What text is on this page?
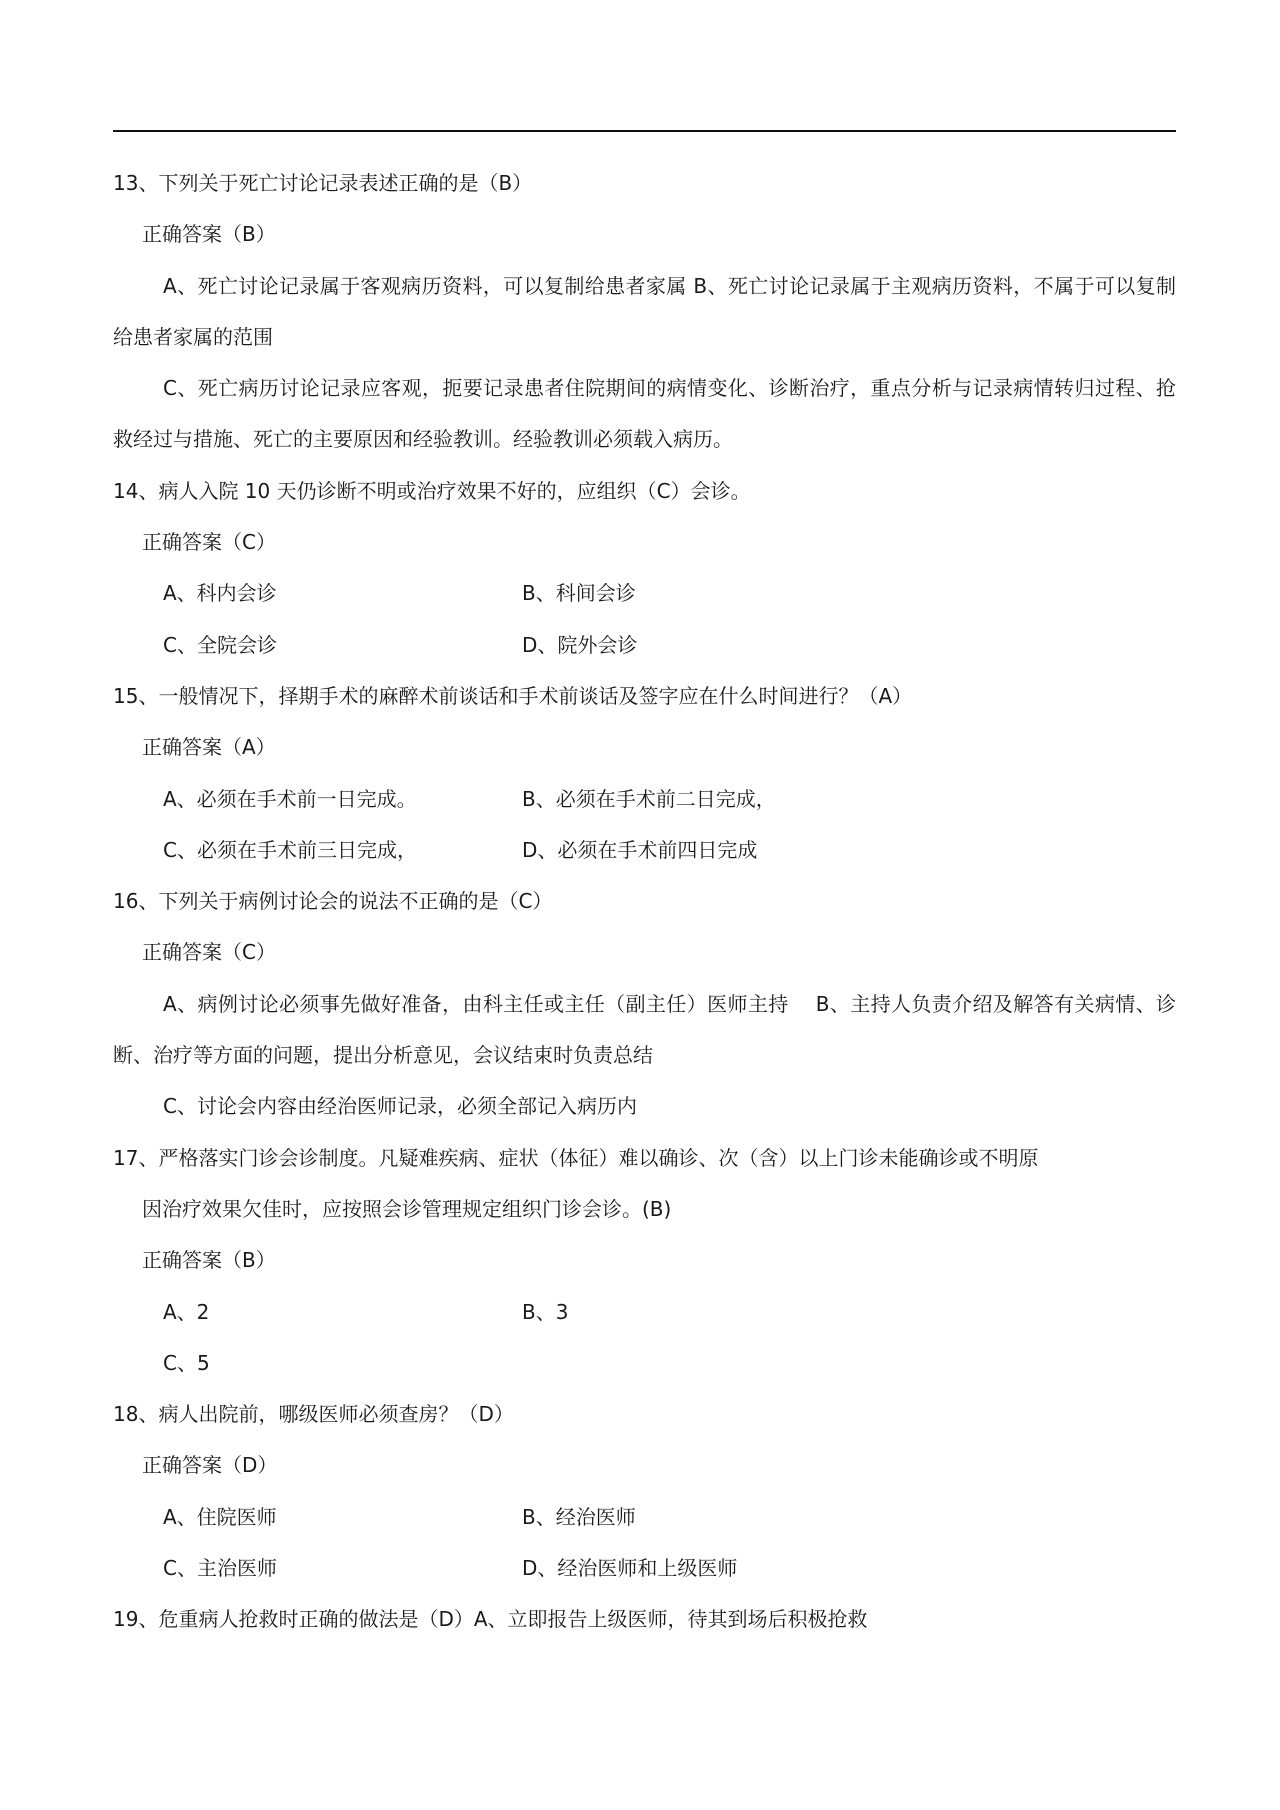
13、下列关于死亡讨论记录表述正确的是（B）
正确答案（B）
A、死亡讨论记录属于客观病历资料，可以复制给患者家属 B、死亡讨论记录属于主观病历资料，不属于可以复制给患者家属的范围
C、死亡病历讨论记录应客观，扼要记录患者住院期间的病情变化、诊断治疗，重点分析与记录病情转归过程、抢救经过与措施、死亡的主要原因和经验教训。经验教训必须载入病历。
14、病人入院 10 天仍诊断不明或治疗效果不好的，应组织（C）会诊。
正确答案（C）
A、科内会诊	B、科间会诊
C、全院会诊	D、院外会诊
15、一般情况下，择期手术的麻醉术前谈话和手术前谈话及签字应在什么时间进行？（A）
正确答案（A）
A、必须在手术前一日完成。	B、必须在手术前二日完成，
C、必须在手术前三日完成，	D、必须在手术前四日完成
16、下列关于病例讨论会的说法不正确的是（C）
正确答案（C）
A、病例讨论必须事先做好准备，由科主任或主任（副主任）医师主持　 B、主持人负责介绍及解答有关病情、诊断、治疗等方面的问题，提出分析意见，会议结束时负责总结
C、讨论会内容由经治医师记录，必须全部记入病历内
17、严格落实门诊会诊制度。凡疑难疾病、症状（体征）难以确诊、次（含）以上门诊未能确诊或不明原
因治疗效果欠佳时，应按照会诊管理规定组织门诊会诊。(B)
正确答案（B）
A、2	B、3
C、5
18、病人出院前，哪级医师必须查房？（D）
正确答案（D）
A、住院医师	B、经治医师
C、主治医师	D、经治医师和上级医师
19、危重病人抢救时正确的做法是（D）A、立即报告上级医师，待其到场后积极抢救
